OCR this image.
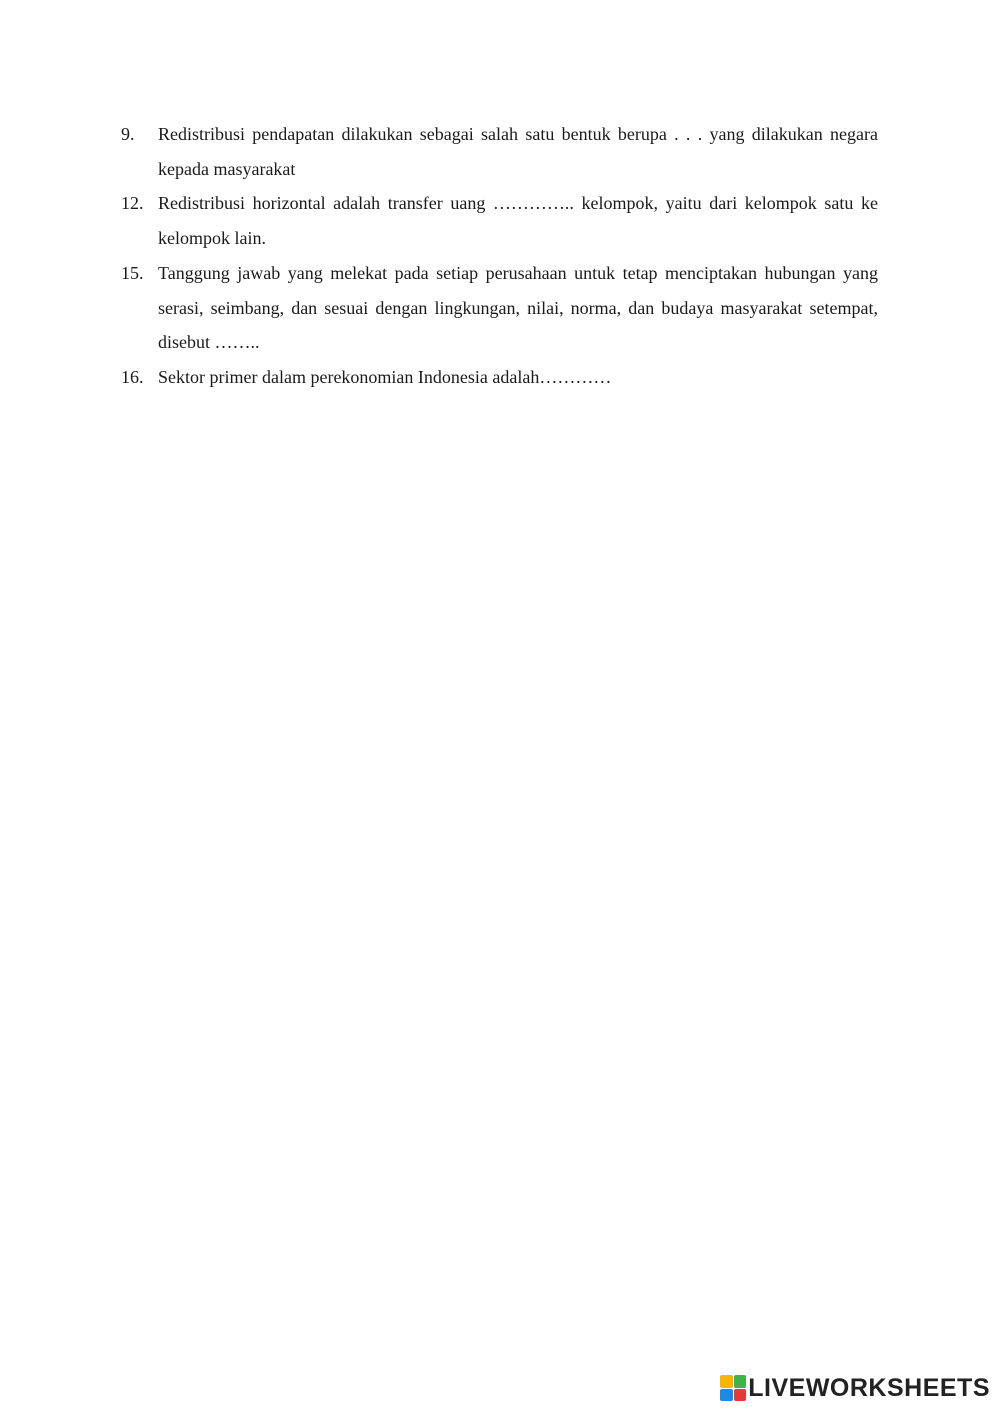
9.	Redistribusi pendapatan dilakukan sebagai salah satu bentuk berupa . . . yang dilakukan negara kepada masyarakat
12. Redistribusi horizontal adalah transfer uang ………….. kelompok, yaitu dari kelompok satu ke kelompok lain.
15. Tanggung jawab yang melekat pada setiap perusahaan untuk tetap menciptakan hubungan yang serasi, seimbang, dan sesuai dengan lingkungan, nilai, norma, dan budaya masyarakat setempat, disebut ……..
16. Sektor primer dalam perekonomian Indonesia adalah…………
LIVEWORKSHEETS
